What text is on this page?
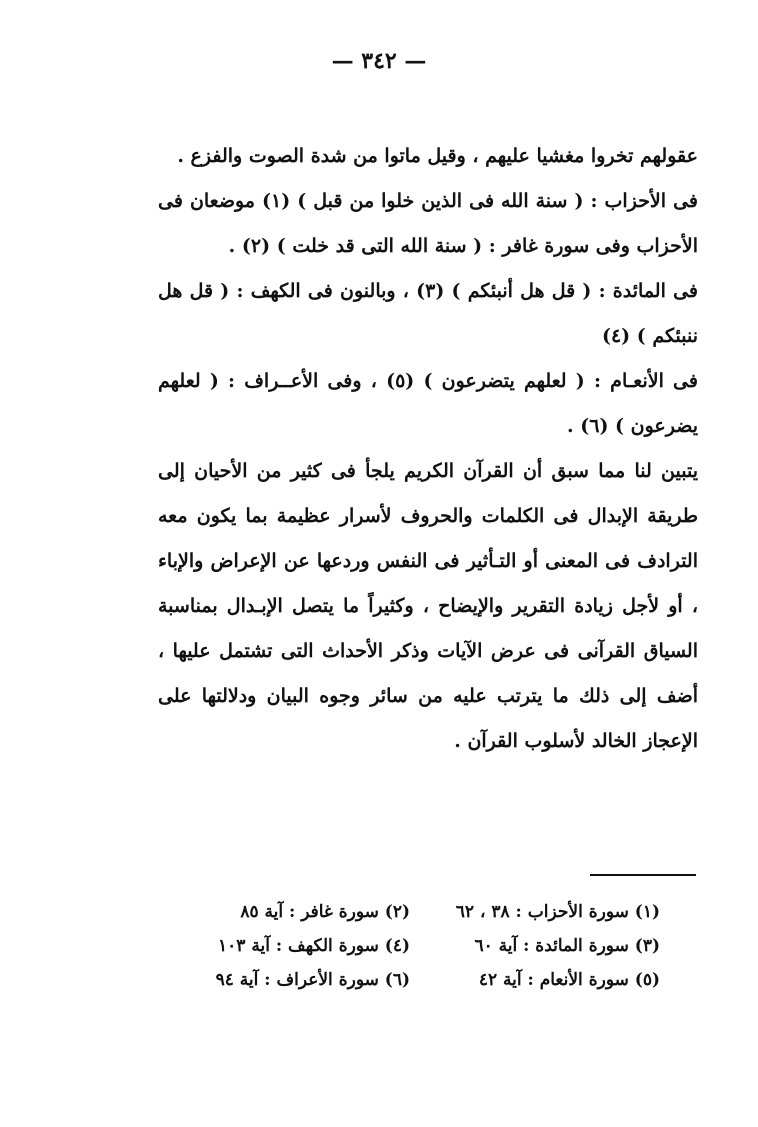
— ٣٤٢ —

عقولهم تخروا مغشيا عليهم ، وقيل ماتوا من شدة الصوت والفزع .

فى الأحزاب : ( سنة الله فى الذين خلوا من قبل ) (١) موضعان فى الأحزاب وفى سورة غافر : ( سنة الله التى قد خلت ) (٢) .

فى المائدة : ( قل هل أنبئكم ) (٣) ، وبالنون فى الكهف : ( قل هل ننبئكم ) (٤)

فى الأنعـام : ( لعلهم يتضرعون ) (٥) ، وفى الأعــراف : ( لعلهم يضرعون ) (٦) .

يتبين لنا مما سبق أن القرآن الكريم يلجأ فى كثير من الأحيان إلى طريقة الإبدال فى الكلمات والحروف لأسرار عظيمة بما يكون معه الترادف فى المعنى أو التـأثير فى النفس وردعها عن الإعراض والإباء ، أو لأجل زيادة التقرير والإيضاح ، وكثيراً ما يتصل الإبـدال بمناسبة السياق القرآنى فى عرض الآيات وذكر الأحداث التى تشتمل عليها ، أضف إلى ذلك ما يترتب عليه من سائر وجوه البيان ودلالتها على الإعجاز الخالد لأسلوب القرآن .

(١) سورة الأحزاب : ٣٨ ، ٦٢
(٢) سورة غافر : آية ٨٥
(٣) سورة المائدة : آية ٦٠
(٤) سورة الكهف : آية ١٠٣
(٥) سورة الأنعام : آية ٤٢
(٦) سورة الأعراف : آية ٩٤
